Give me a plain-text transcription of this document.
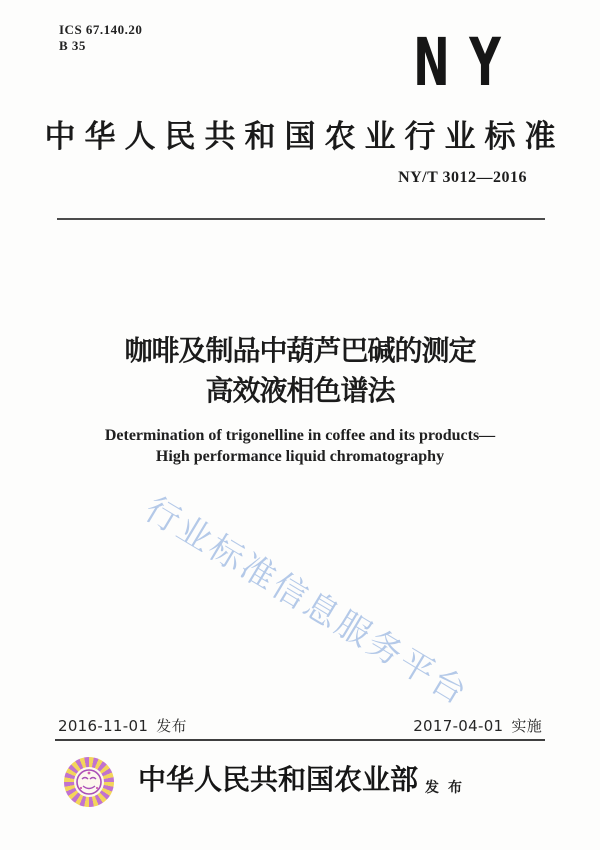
ICS 67.140.20
B 35	NY
中华人民共和国农业行业标准
NY/T 3012—2016
咖啡及制品中葫芦巴碱的测定
高效液相色谱法
Determination of trigonelline in coffee and its products—
High performance liquid chromatography
行业标准信息服务平台
2016-11-01 发布	2017-04-01 实施
中华人民共和国农业部 发布
